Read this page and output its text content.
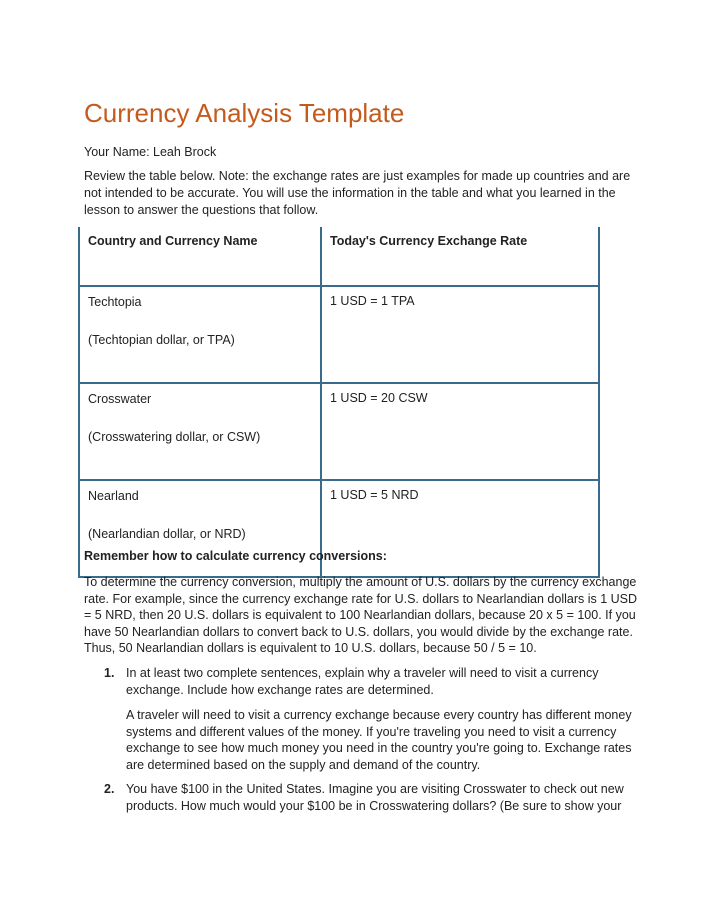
Currency Analysis Template
Your Name: Leah Brock
Review the table below. Note: the exchange rates are just examples for made up countries and are
not intended to be accurate. You will use the information in the table and what you learned in the
lesson to answer the questions that follow.
Country and Currency Name	Today's Currency Exchange Rate

Techtopia
(Techtopian dollar, or TPA)	1 USD = 1 TPA

Crosswater
(Crosswatering dollar, or CSW)	1 USD = 20 CSW

Nearland
(Nearlandian dollar, or NRD)	1 USD = 5 NRD
Remember how to calculate currency conversions:
To determine the currency conversion, multiply the amount of U.S. dollars by the currency exchange
rate. For example, since the currency exchange rate for U.S. dollars to Nearlandian dollars is 1 USD
= 5 NRD, then 20 U.S. dollars is equivalent to 100 Nearlandian dollars, because 20 x 5 = 100. If you
have 50 Nearlandian dollars to convert back to U.S. dollars, you would divide by the exchange rate.
Thus, 50 Nearlandian dollars is equivalent to 10 U.S. dollars, because 50 / 5 = 10.
1. In at least two complete sentences, explain why a traveler will need to visit a currency
exchange. Include how exchange rates are determined.
A traveler will need to visit a currency exchange because every country has different money
systems and different values of the money. If you're traveling you need to visit a currency
exchange to see how much money you need in the country you're going to. Exchange rates
are determined based on the supply and demand of the country.
2. You have $100 in the United States. Imagine you are visiting Crosswater to check out new
products. How much would your $100 be in Crosswatering dollars? (Be sure to show your
